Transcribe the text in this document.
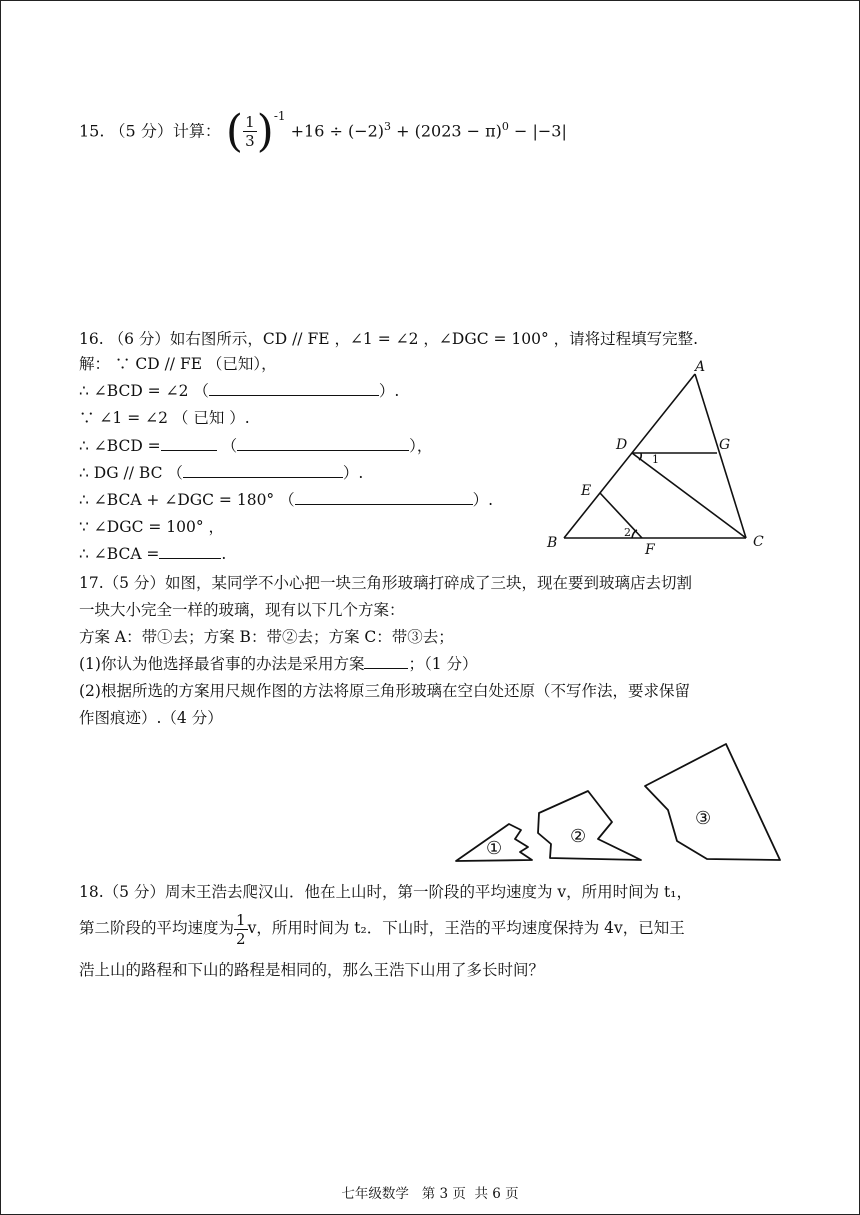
15. （5 分）计算： ( $\frac{1}{3} )^{-1} +16 \div (-2)^3 + (2023 - \pi)^0 - |-3|$
16. （6 分）如右图所示，CD // FE ，∠1 = ∠2 ，∠DGC = 100° ，请将过程填写完整.
解： ∵ CD // FE （已知），
∴ ∠BCD = ∠2 （	）.
∵ ∠1 = ∠2 （ 已知 ）.
∴ ∠BCD =	（	），
∴ DG // BC （	）.
∴ ∠BCA + ∠DGC = 180° （	）.
∵ ∠DGC = 100° ，
∴ ∠BCA =	.
A
B	C
D
E
F
G
1
2
17.（5 分）如图，某同学不小心把一块三角形玻璃打碎成了三块，现在要到玻璃店去切割
一块大小完全一样的玻璃，现有以下几个方案：
方案 A：带①去；方案 B：带②去；方案 C：带③去；
(1)你认为他选择最省事的办法是采用方案	；（1 分）
(2)根据所选的方案用尺规作图的方法将原三角形玻璃在空白处还原（不写作法，要求保留
作图痕迹）.（4 分）
①
②
③
18.（5 分）周末王浩去爬汉山．他在上山时，第一阶段的平均速度为 v，所用时间为 t₁，
第二阶段的平均速度为 $\frac{1}{2}$ v，所用时间为 t₂．下山时，王浩的平均速度保持为 4v，已知王
浩上山的路程和下山的路程是相同的，那么王浩下山用了多长时间？
七年级数学   第 3 页  共 6 页
